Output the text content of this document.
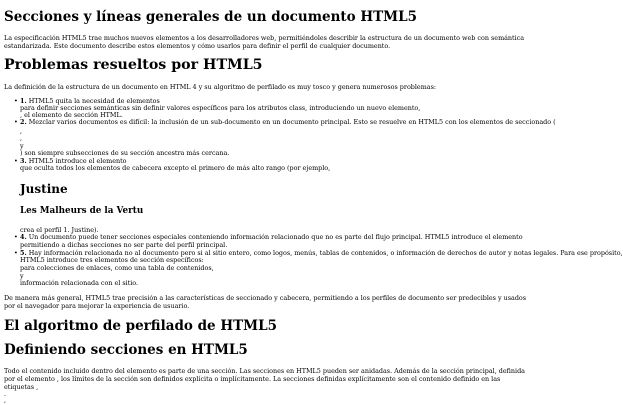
Secciones y líneas generales de un documento HTML5

La especificación HTML5 trae muchos nuevos elementos a los desarrolladores web, permitiéndoles describir la estructura de un documento web con semántica estandarizada. Este documento describe estos elementos y cómo usarlos para definir el perfil de cualquier documento.

Problemas resueltos por HTML5

La definición de la estructura de un documento en HTML 4 y su algoritmo de perfilado es muy tosco y genera numerosos problemas:

• 1. HTML5 quita la necesidad de elementos

para definir secciones semánticas sin definir valores específicos para los atributos class, introduciendo un nuevo elemento,

, el elemento de sección HTML.

• 2. Mezclar varios documentos es difícil: la inclusión de un sub-documento en un documento principal. Esto se resuelve en HTML5 con los elementos de seccionado (

,

,

y

) son siempre subsecciones de su sección ancestra más cercana.

• 3. HTML5 introduce el elemento

que oculta todos los elementos de cabecera excepto el primero de más alto rango (por ejemplo,

Justine
Les Malheurs de la Vertu

crea el perfil 1. Justine).

• 4. Un documento puede tener secciones especiales conteniendo información relacionado que no es parte del flujo principal. HTML5 introduce el elemento

permitiendo a dichas secciones no ser parte del perfil principal.

• 5. Hay información relacionada no al documento pero si al sitio entero, como logos, menús, tablas de contenidos, o información de derechos de autor y notas legales. Para ese propósito,

HTML5 introduce tres elementos de sección específicos:

para colecciones de enlaces, como una tabla de contenidos,

y

información relacionada con el sitio.

De manera más general, HTML5 trae precisión a las características de seccionado y cabecera, permitiendo a los perfiles de documento ser predecibles y usados por el navegador para mejorar la experiencia de usuario.

El algoritmo de perfilado de HTML5
Definiendo secciones en HTML5

Todo el contenido incluido dentro del elemento es parte de una sección. Las secciones en HTML5 pueden ser anidadas. Además de la sección principal, definida por el elemento , los límites de la sección son definidos explícita o implícitamente. La secciones definidas explícitamente son el contenido definido en las etiquetas ,

.

,
